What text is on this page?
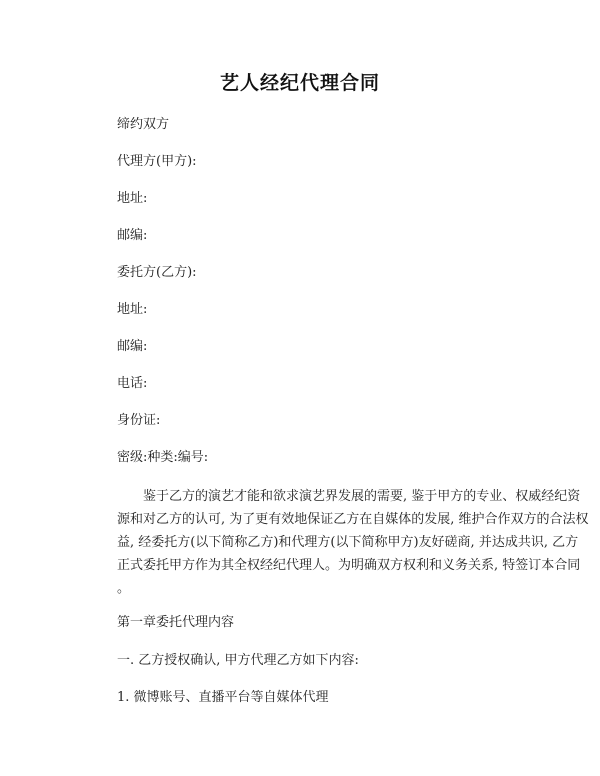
艺人经纪代理合同
缔约双方
代理方(甲方):
地址:
邮编:
委托方(乙方):
地址:
邮编:
电话:
身份证:
密级:种类:编号:
鉴于乙方的演艺才能和欲求演艺界发展的需要, 鉴于甲方的专业、权威经纪资
源和对乙方的认可, 为了更有效地保证乙方在自媒体的发展, 维护合作双方的合法权
益, 经委托方(以下简称乙方)和代理方(以下简称甲方)友好磋商, 并达成共识, 乙方
正式委托甲方作为其全权经纪代理人。为明确双方权利和义务关系, 特签订本合同
。
第一章委托代理内容
一. 乙方授权确认, 甲方代理乙方如下内容:
1. 微博账号、直播平台等自媒体代理
